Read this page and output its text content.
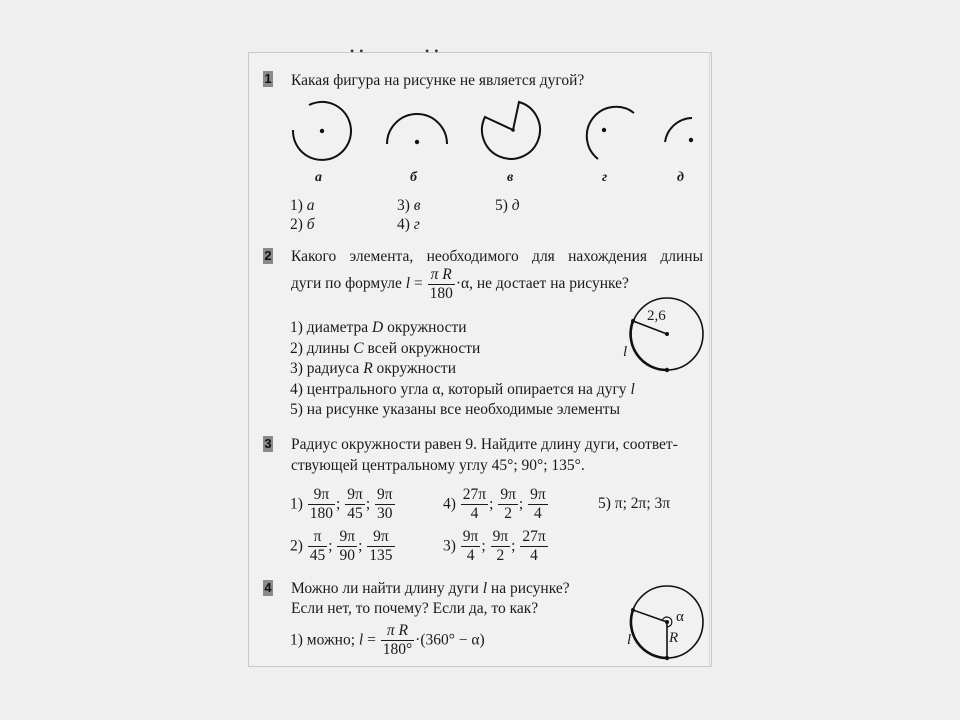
• •	• •
1 Какая фигура на рисунке не является дугой?
а	б	в	г	д
1) а
2) б
3) в
4) г
5) д
2 Какого элемента, необходимого для нахождения длины
дуги по формуле $l = \frac{\text{π R}}{180} \cdot\alpha$, не достает на рисунке?
1) диаметра D окружности
2) длины C всей окружности
3) радиуса R окружности
4) центрального угла α, который опирается на дугу l
5) на рисунке указаны все необходимые элементы
2,6
l
3 Радиус окружности равен 9. Найдите длину дуги, соответ-
ствующей центральному углу 45°; 90°; 135°.
$1) \frac{9\pi}{180}$ ; $\frac{9\pi}{45}$ ; $\frac{9\pi}{30}$
$2) \frac{\pi}{45}$ ; $\frac{9\pi}{90}$ ; $\frac{9\pi}{135}$
$4) \frac{27\pi}{4}$ ; $\frac{9\pi}{2}$ ; $\frac{9\pi}{4}$
$3) \frac{9\pi}{4}$ ; $\frac{9\pi}{2}$ ; $\frac{27\pi}{4}$
5) π; 2π; 3π
4 Можно ли найти длину дуги l на рисунке?
Если нет, то почему? Если да, то как?
1) можно; $l = \frac{\text{π R}}{180^\circ} \cdot(360^\circ - \alpha)$
α
R
l
